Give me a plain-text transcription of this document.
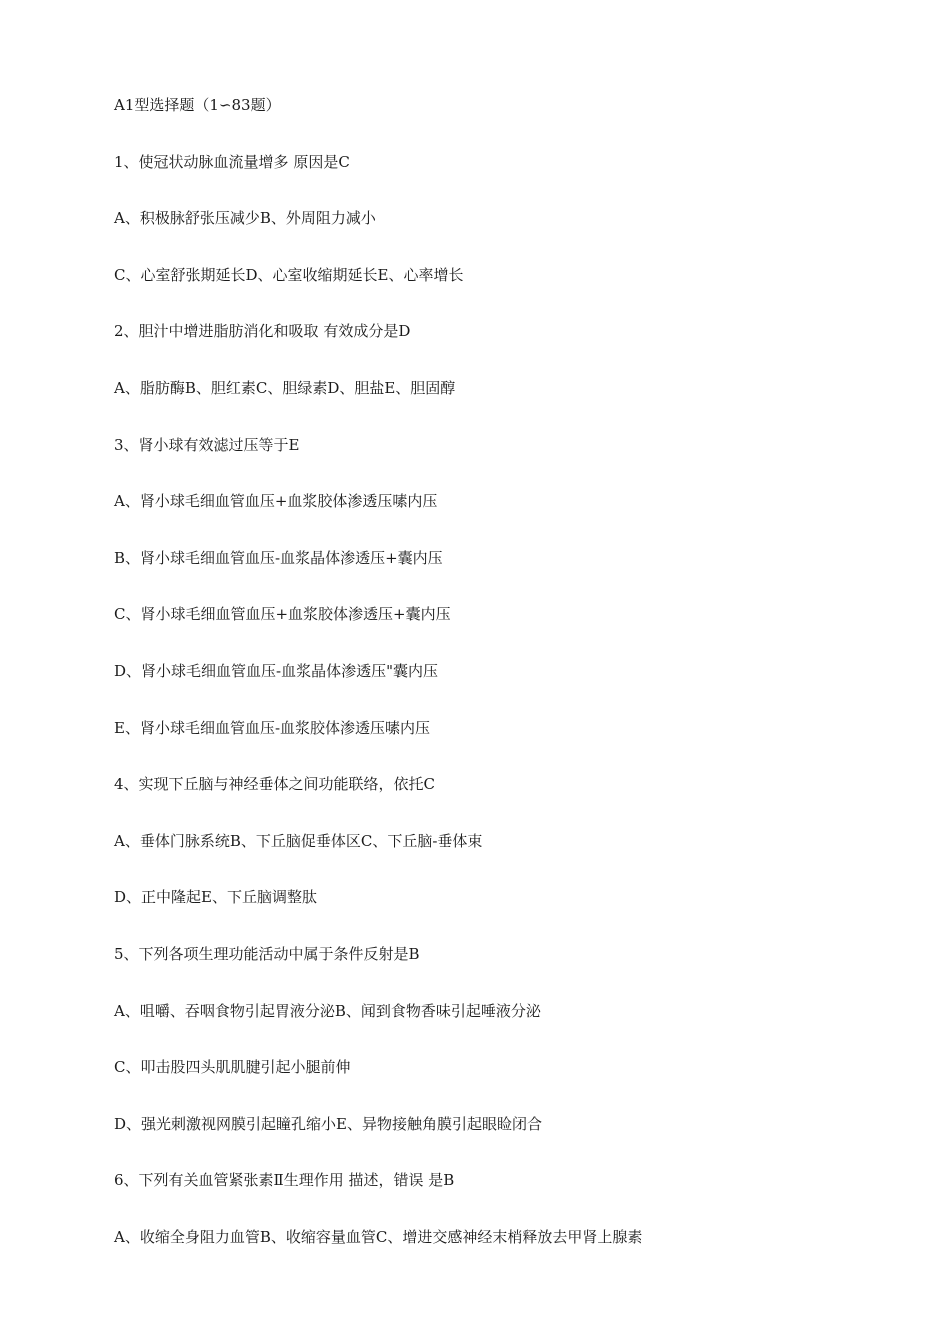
A1型选择题（1∽83题）
1、使冠状动脉血流量增多 原因是C
A、积极脉舒张压减少B、外周阻力减小
C、心室舒张期延长D、心室收缩期延长E、心率增长
2、胆汁中增进脂肪消化和吸取 有效成分是D
A、脂肪酶B、胆红素C、胆绿素D、胆盐E、胆固醇
3、肾小球有效滤过压等于E
A、肾小球毛细血管血压+血浆胶体渗透压嗉内压
B、肾小球毛细血管血压-血浆晶体渗透压+囊内压
C、肾小球毛细血管血压+血浆胶体渗透压+囊内压
D、肾小球毛细血管血压-血浆晶体渗透压"囊内压
E、肾小球毛细血管血压-血浆胶体渗透压嗉内压
4、实现下丘脑与神经垂体之间功能联络，依托C
A、垂体门脉系统B、下丘脑促垂体区C、下丘脑-垂体束
D、正中隆起E、下丘脑调整肽
5、下列各项生理功能活动中属于条件反射是B
A、咀嚼、吞咽食物引起胃液分泌B、闻到食物香味引起唾液分泌
C、叩击股四头肌肌腱引起小腿前伸
D、强光刺激视网膜引起瞳孔缩小E、异物接触角膜引起眼睑闭合
6、下列有关血管紧张素Ⅱ生理作用 描述，错误 是B
A、收缩全身阻力血管B、收缩容量血管C、增进交感神经末梢释放去甲肾上腺素
